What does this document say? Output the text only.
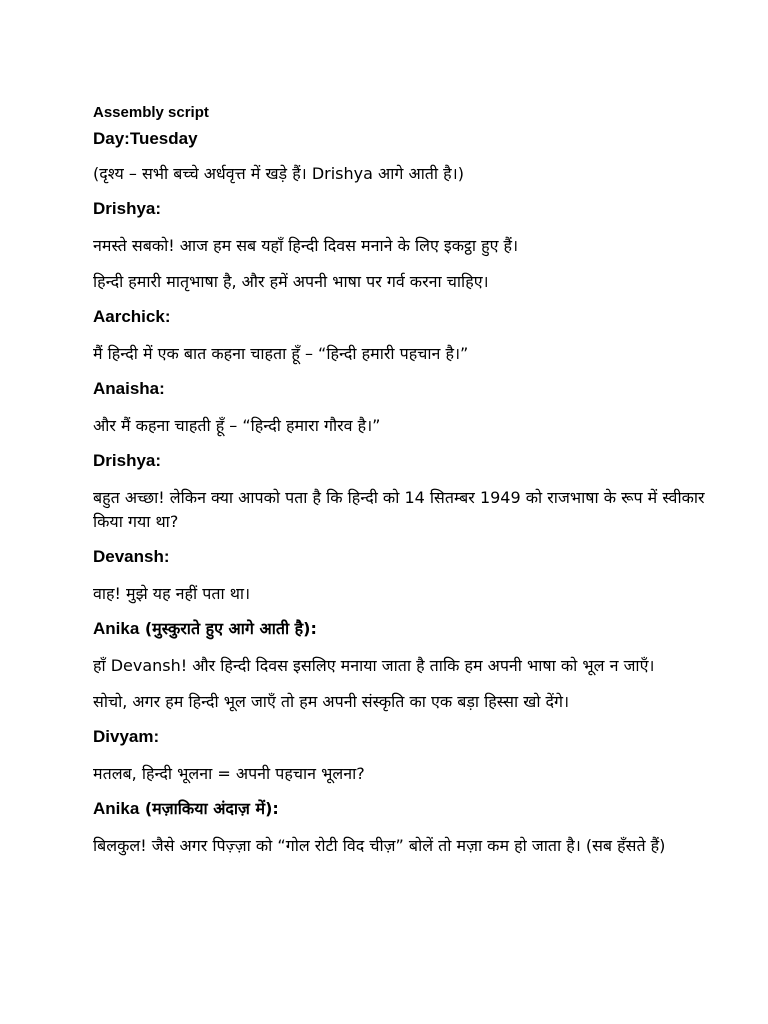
Assembly script
Day:Tuesday
(दृश्य – सभी बच्चे अर्धवृत्त में खड़े हैं। Drishya आगे आती है।)
Drishya:
नमस्ते सबको! आज हम सब यहाँ हिन्दी दिवस मनाने के लिए इकट्ठा हुए हैं।
हिन्दी हमारी मातृभाषा है, और हमें अपनी भाषा पर गर्व करना चाहिए।
Aarchick:
मैं हिन्दी में एक बात कहना चाहता हूँ – “हिन्दी हमारी पहचान है।”
Anaisha:
और मैं कहना चाहती हूँ – “हिन्दी हमारा गौरव है।”
Drishya:
बहुत अच्छा! लेकिन क्या आपको पता है कि हिन्दी को 14 सितम्बर 1949 को राजभाषा के रूप में स्वीकार किया गया था?
Devansh:
वाह! मुझे यह नहीं पता था।
Anika (मुस्कुराते हुए आगे आती है):
हाँ Devansh! और हिन्दी दिवस इसलिए मनाया जाता है ताकि हम अपनी भाषा को भूल न जाएँ।
सोचो, अगर हम हिन्दी भूल जाएँ तो हम अपनी संस्कृति का एक बड़ा हिस्सा खो देंगे।
Divyam:
मतलब, हिन्दी भूलना = अपनी पहचान भूलना?
Anika (मज़ाकिया अंदाज़ में):
बिलकुल! जैसे अगर पिज़्ज़ा को “गोल रोटी विद चीज़” बोलें तो मज़ा कम हो जाता है। (सब हँसते हैं)
